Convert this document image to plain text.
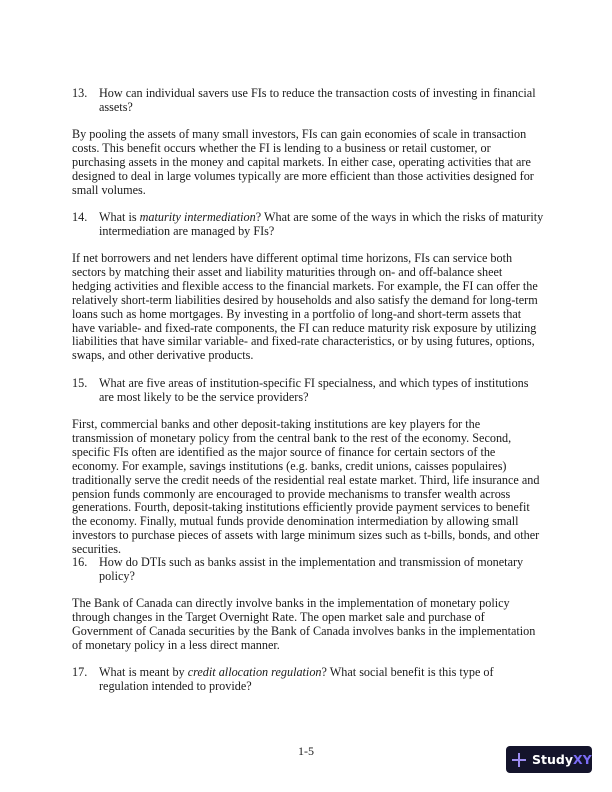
13. How can individual savers use FIs to reduce the transaction costs of investing in financial assets?
By pooling the assets of many small investors, FIs can gain economies of scale in transaction costs. This benefit occurs whether the FI is lending to a business or retail customer, or purchasing assets in the money and capital markets. In either case, operating activities that are designed to deal in large volumes typically are more efficient than those activities designed for small volumes.
14. What is maturity intermediation? What are some of the ways in which the risks of maturity intermediation are managed by FIs?
If net borrowers and net lenders have different optimal time horizons, FIs can service both sectors by matching their asset and liability maturities through on- and off-balance sheet hedging activities and flexible access to the financial markets. For example, the FI can offer the relatively short-term liabilities desired by households and also satisfy the demand for long-term loans such as home mortgages. By investing in a portfolio of long-and short-term assets that have variable- and fixed-rate components, the FI can reduce maturity risk exposure by utilizing liabilities that have similar variable- and fixed-rate characteristics, or by using futures, options, swaps, and other derivative products.
15. What are five areas of institution-specific FI specialness, and which types of institutions are most likely to be the service providers?
First, commercial banks and other deposit-taking institutions are key players for the transmission of monetary policy from the central bank to the rest of the economy. Second, specific FIs often are identified as the major source of finance for certain sectors of the economy. For example, savings institutions (e.g. banks, credit unions, caisses populaires) traditionally serve the credit needs of the residential real estate market. Third, life insurance and pension funds commonly are encouraged to provide mechanisms to transfer wealth across generations. Fourth, deposit-taking institutions efficiently provide payment services to benefit the economy. Finally, mutual funds provide denomination intermediation by allowing small investors to purchase pieces of assets with large minimum sizes such as t-bills, bonds, and other securities.
16. How do DTIs such as banks assist in the implementation and transmission of monetary policy?
The Bank of Canada can directly involve banks in the implementation of monetary policy through changes in the Target Overnight Rate. The open market sale and purchase of Government of Canada securities by the Bank of Canada involves banks in the implementation of monetary policy in a less direct manner.
17. What is meant by credit allocation regulation? What social benefit is this type of regulation intended to provide?
1-5
Study XY
